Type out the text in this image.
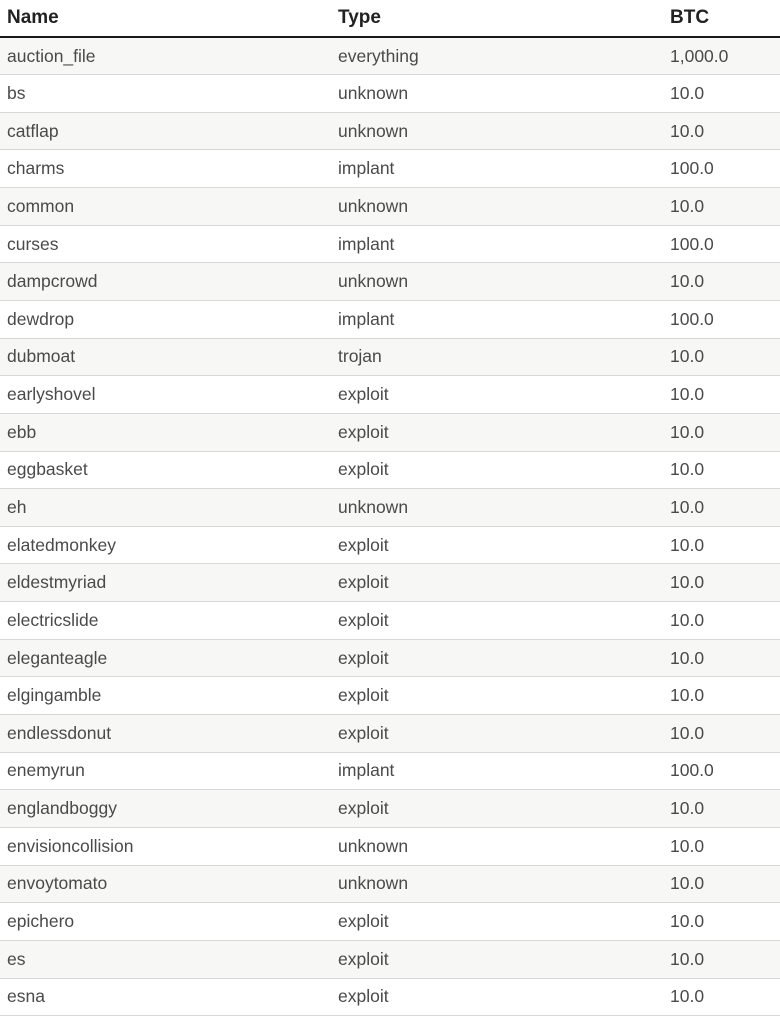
Name	Type	BTC
auction_file	everything	1,000.0
bs	unknown	10.0
catflap	unknown	10.0
charms	implant	100.0
common	unknown	10.0
curses	implant	100.0
dampcrowd	unknown	10.0
dewdrop	implant	100.0
dubmoat	trojan	10.0
earlyshovel	exploit	10.0
ebb	exploit	10.0
eggbasket	exploit	10.0
eh	unknown	10.0
elatedmonkey	exploit	10.0
eldestmyriad	exploit	10.0
electricslide	exploit	10.0
eleganteagle	exploit	10.0
elgingamble	exploit	10.0
endlessdonut	exploit	10.0
enemyrun	implant	100.0
englandboggy	exploit	10.0
envisioncollision	unknown	10.0
envoytomato	unknown	10.0
epichero	exploit	10.0
es	exploit	10.0
esna	exploit	10.0
